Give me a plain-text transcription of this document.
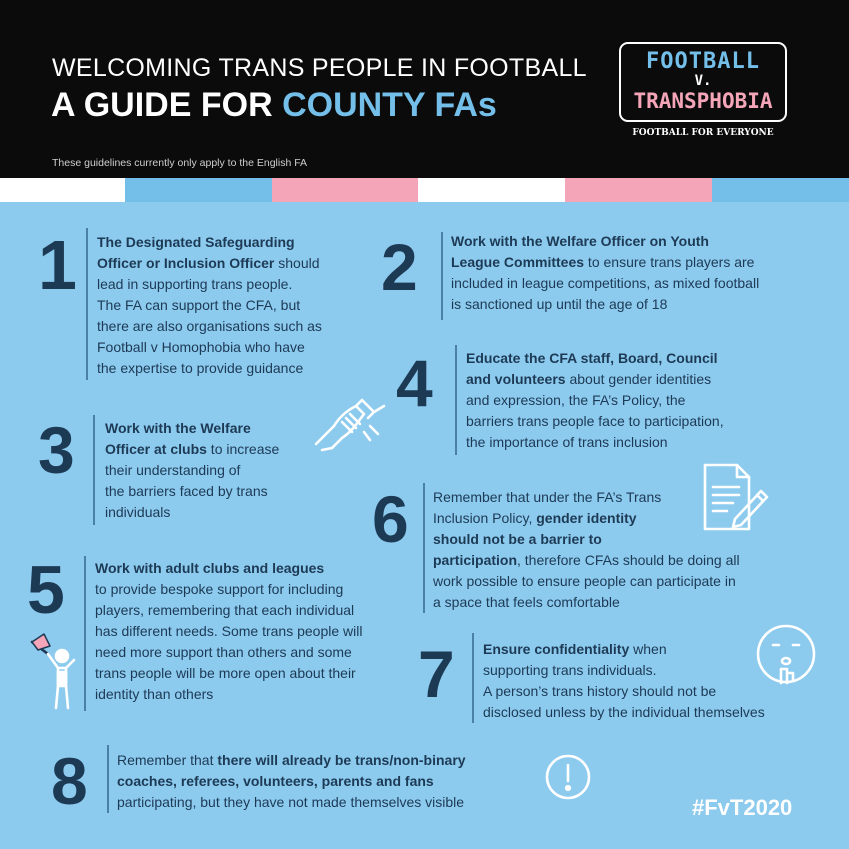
WELCOMING TRANS PEOPLE IN FOOTBALL
A GUIDE FOR COUNTY FAs
These guidelines currently only apply to the English FA
FOOTBALL
V.
TRANSPHOBIA
FOOTBALL FOR EVERYONE
1	2
3
4
5
6
7
8
The Designated Safeguarding
Officer or Inclusion Officer should
lead in supporting trans people.
The FA can support the CFA, but
there are also organisations such as
Football v Homophobia who have
the expertise to provide guidance
Work with the Welfare Officer on Youth
League Committees to ensure trans players are
included in league competitions, as mixed football
is sanctioned up until the age of 18
Work with the Welfare
Officer at clubs to increase
their understanding of
the barriers faced by trans
individuals
Educate the CFA staff, Board, Council
and volunteers about gender identities
and expression, the FA’s Policy, the
barriers trans people face to participation,
the importance of trans inclusion
Work with adult clubs and leagues
to provide bespoke support for including
players, remembering that each individual
has different needs. Some trans people will
need more support than others and some
trans people will be more open about their
identity than others
Remember that under the FA’s Trans
Inclusion Policy, gender identity
should not be a barrier to
participation, therefore CFAs should be doing all
work possible to ensure people can participate in
a space that feels comfortable
Ensure confidentiality when
supporting trans individuals.
A person’s trans history should not be
disclosed unless by the individual themselves
Remember that there will already be trans/non-binary
coaches, referees, volunteers, parents and fans
participating, but they have not made themselves visible	#FvT2020
